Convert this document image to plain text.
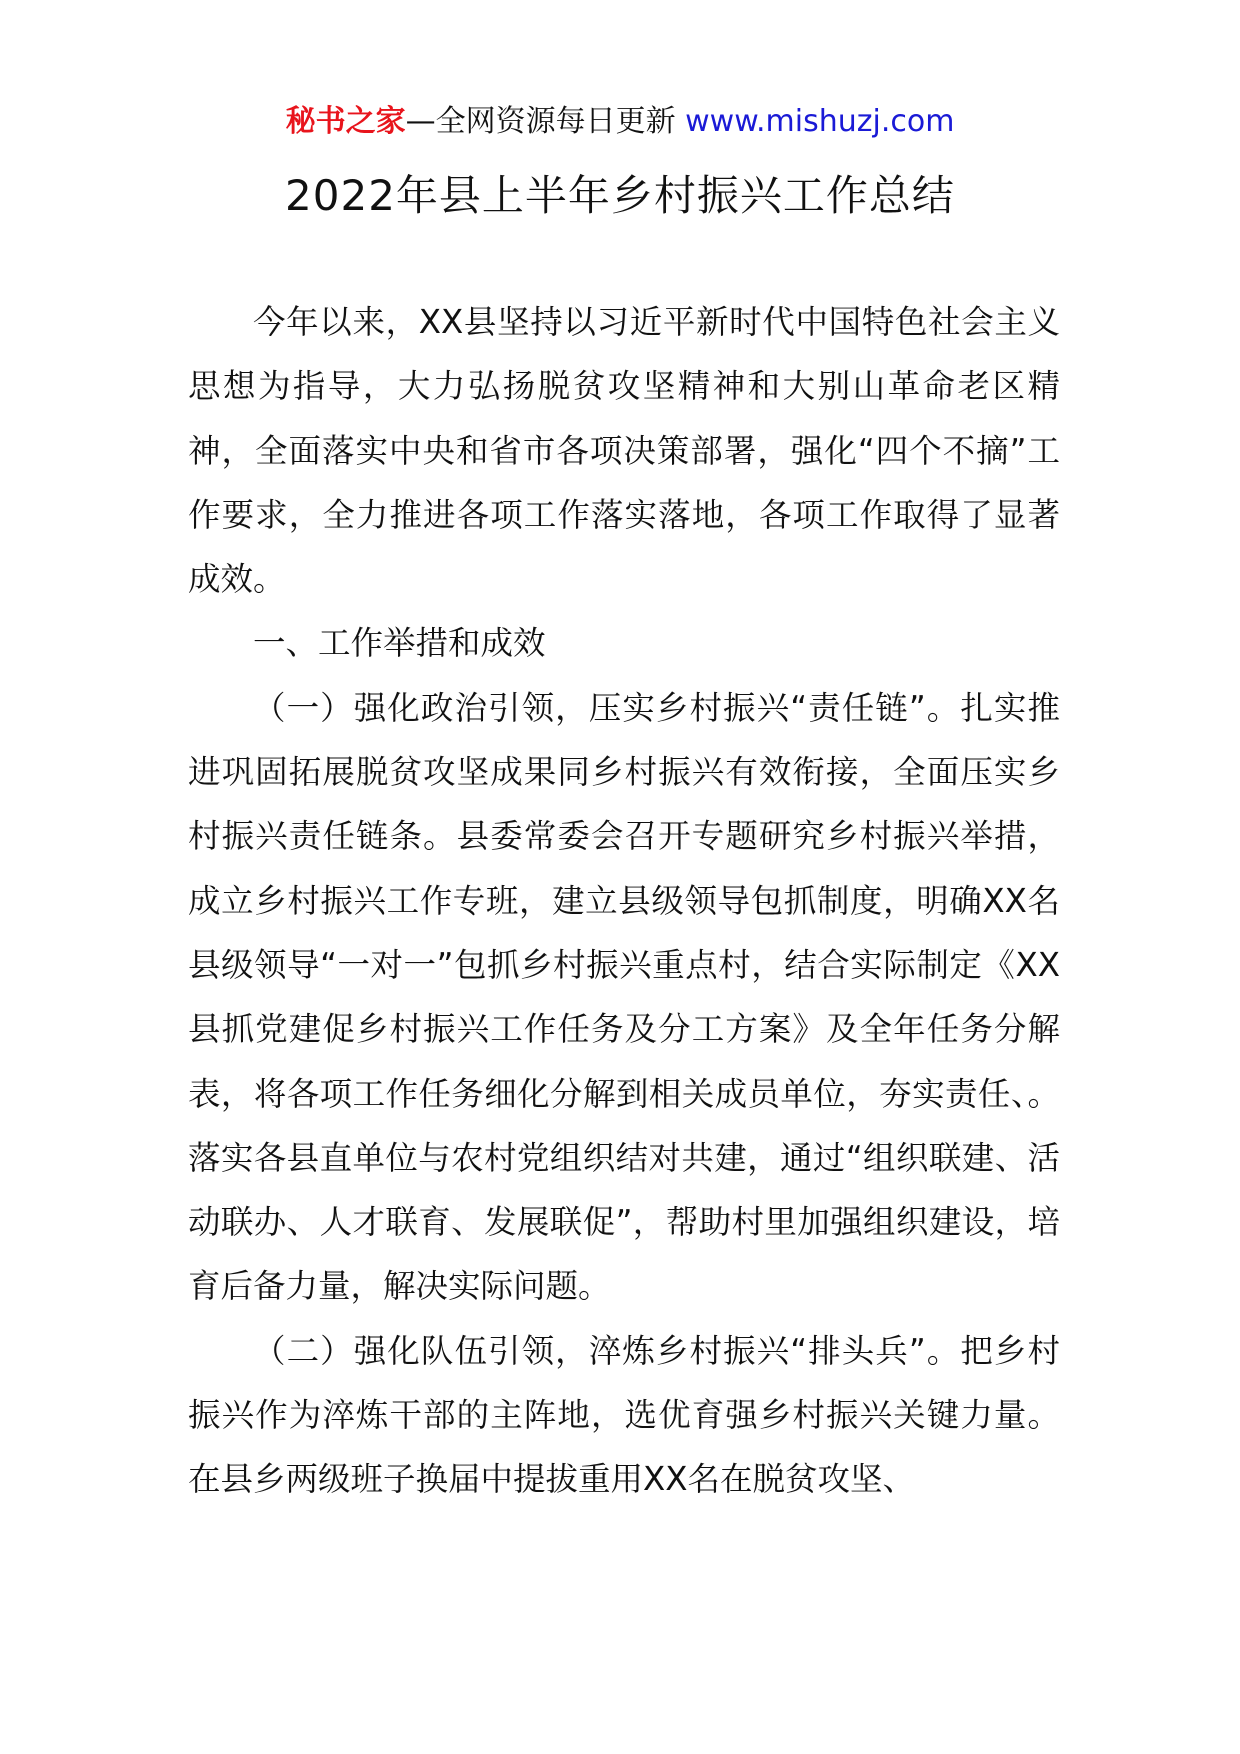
秘书之家—全网资源每日更新 www.mishuzj.com
2022年县上半年乡村振兴工作总结

今年以来，XX县坚持以习近平新时代中国特色社会主义思想为指导，大力弘扬脱贫攻坚精神和大别山革命老区精神，全面落实中央和省市各项决策部署，强化“四个不摘”工作要求，全力推进各项工作落实落地，各项工作取得了显著成效。

一、工作举措和成效

（一）强化政治引领，压实乡村振兴“责任链”。扎实推进巩固拓展脱贫攻坚成果同乡村振兴有效衔接，全面压实乡村振兴责任链条。县委常委会召开专题研究乡村振兴举措，成立乡村振兴工作专班，建立县级领导包抓制度，明确XX名县级领导“一对一”包抓乡村振兴重点村，结合实际制定《XX县抓党建促乡村振兴工作任务及分工方案》及全年任务分解表，将各项工作任务细化分解到相关成员单位，夯实责任、。落实各县直单位与农村党组织结对共建，通过“组织联建、活动联办、人才联育、发展联促”，帮助村里加强组织建设，培育后备力量，解决实际问题。

（二）强化队伍引领，淬炼乡村振兴“排头兵”。把乡村振兴作为淬炼干部的主阵地，选优育强乡村振兴关键力量。在县乡两级班子换届中提拔重用XX名在脱贫攻坚、
